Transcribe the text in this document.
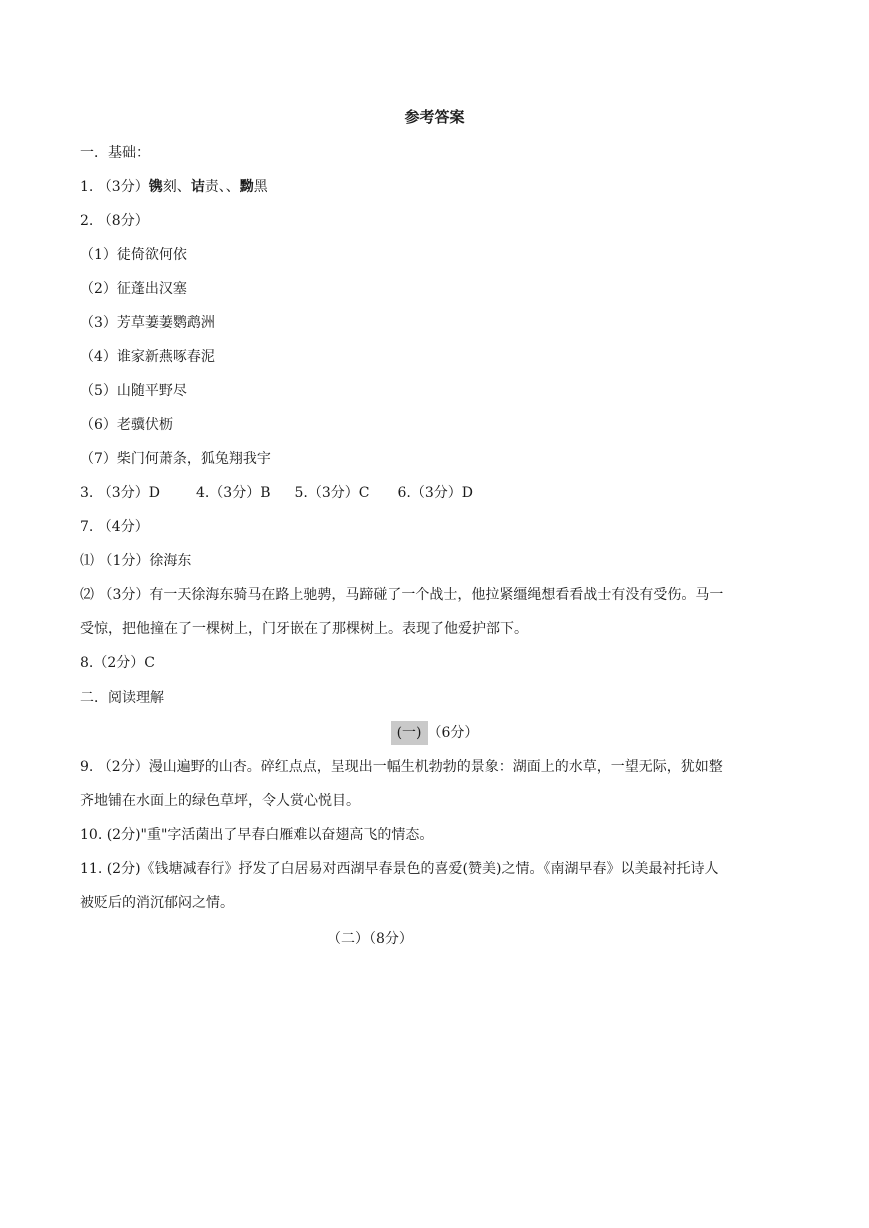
参考答案
一．基础：
1. （3分）镌刻、诘责、、黝黑
2. （8分）
（1）徒倚欲何依
（2）征蓬出汉塞
（3）芳草萋萋鹦鹉洲
（4）谁家新燕啄春泥
（5）山随平野尽
（6）老骥伏枥
（7）柴门何萧条，狐兔翔我宇
3. （3分）D	4.（3分）B 5.（3分）C 6.（3分）D
7. （4分）
⑴ （1分）徐海东
⑵ （3分）有一天徐海东骑马在路上驰骋，马蹄碰了一个战士，他拉紧缰绳想看看战士有没有受伤。马一
受惊，把他撞在了一棵树上，门牙嵌在了那棵树上。表现了他爱护部下。
8.（2分）C
二．阅读理解
(一) （6分）
9. （2分）漫山遍野的山杏。碎红点点，呈现出一幅生机勃勃的景象：湖面上的水草，一望无际，犹如整
齐地铺在水面上的绿色草坪，令人赏心悦目。
10. (2分)"重"字活菌出了早春白雁难以奋翅高飞的情态。
11. (2分)《钱塘减春行》抒发了白居易对西湖早春景色的喜爱(赞美)之情。《南湖早春》以美最衬托诗人
被贬后的消沉郁闷之情。
（二）（8分）
